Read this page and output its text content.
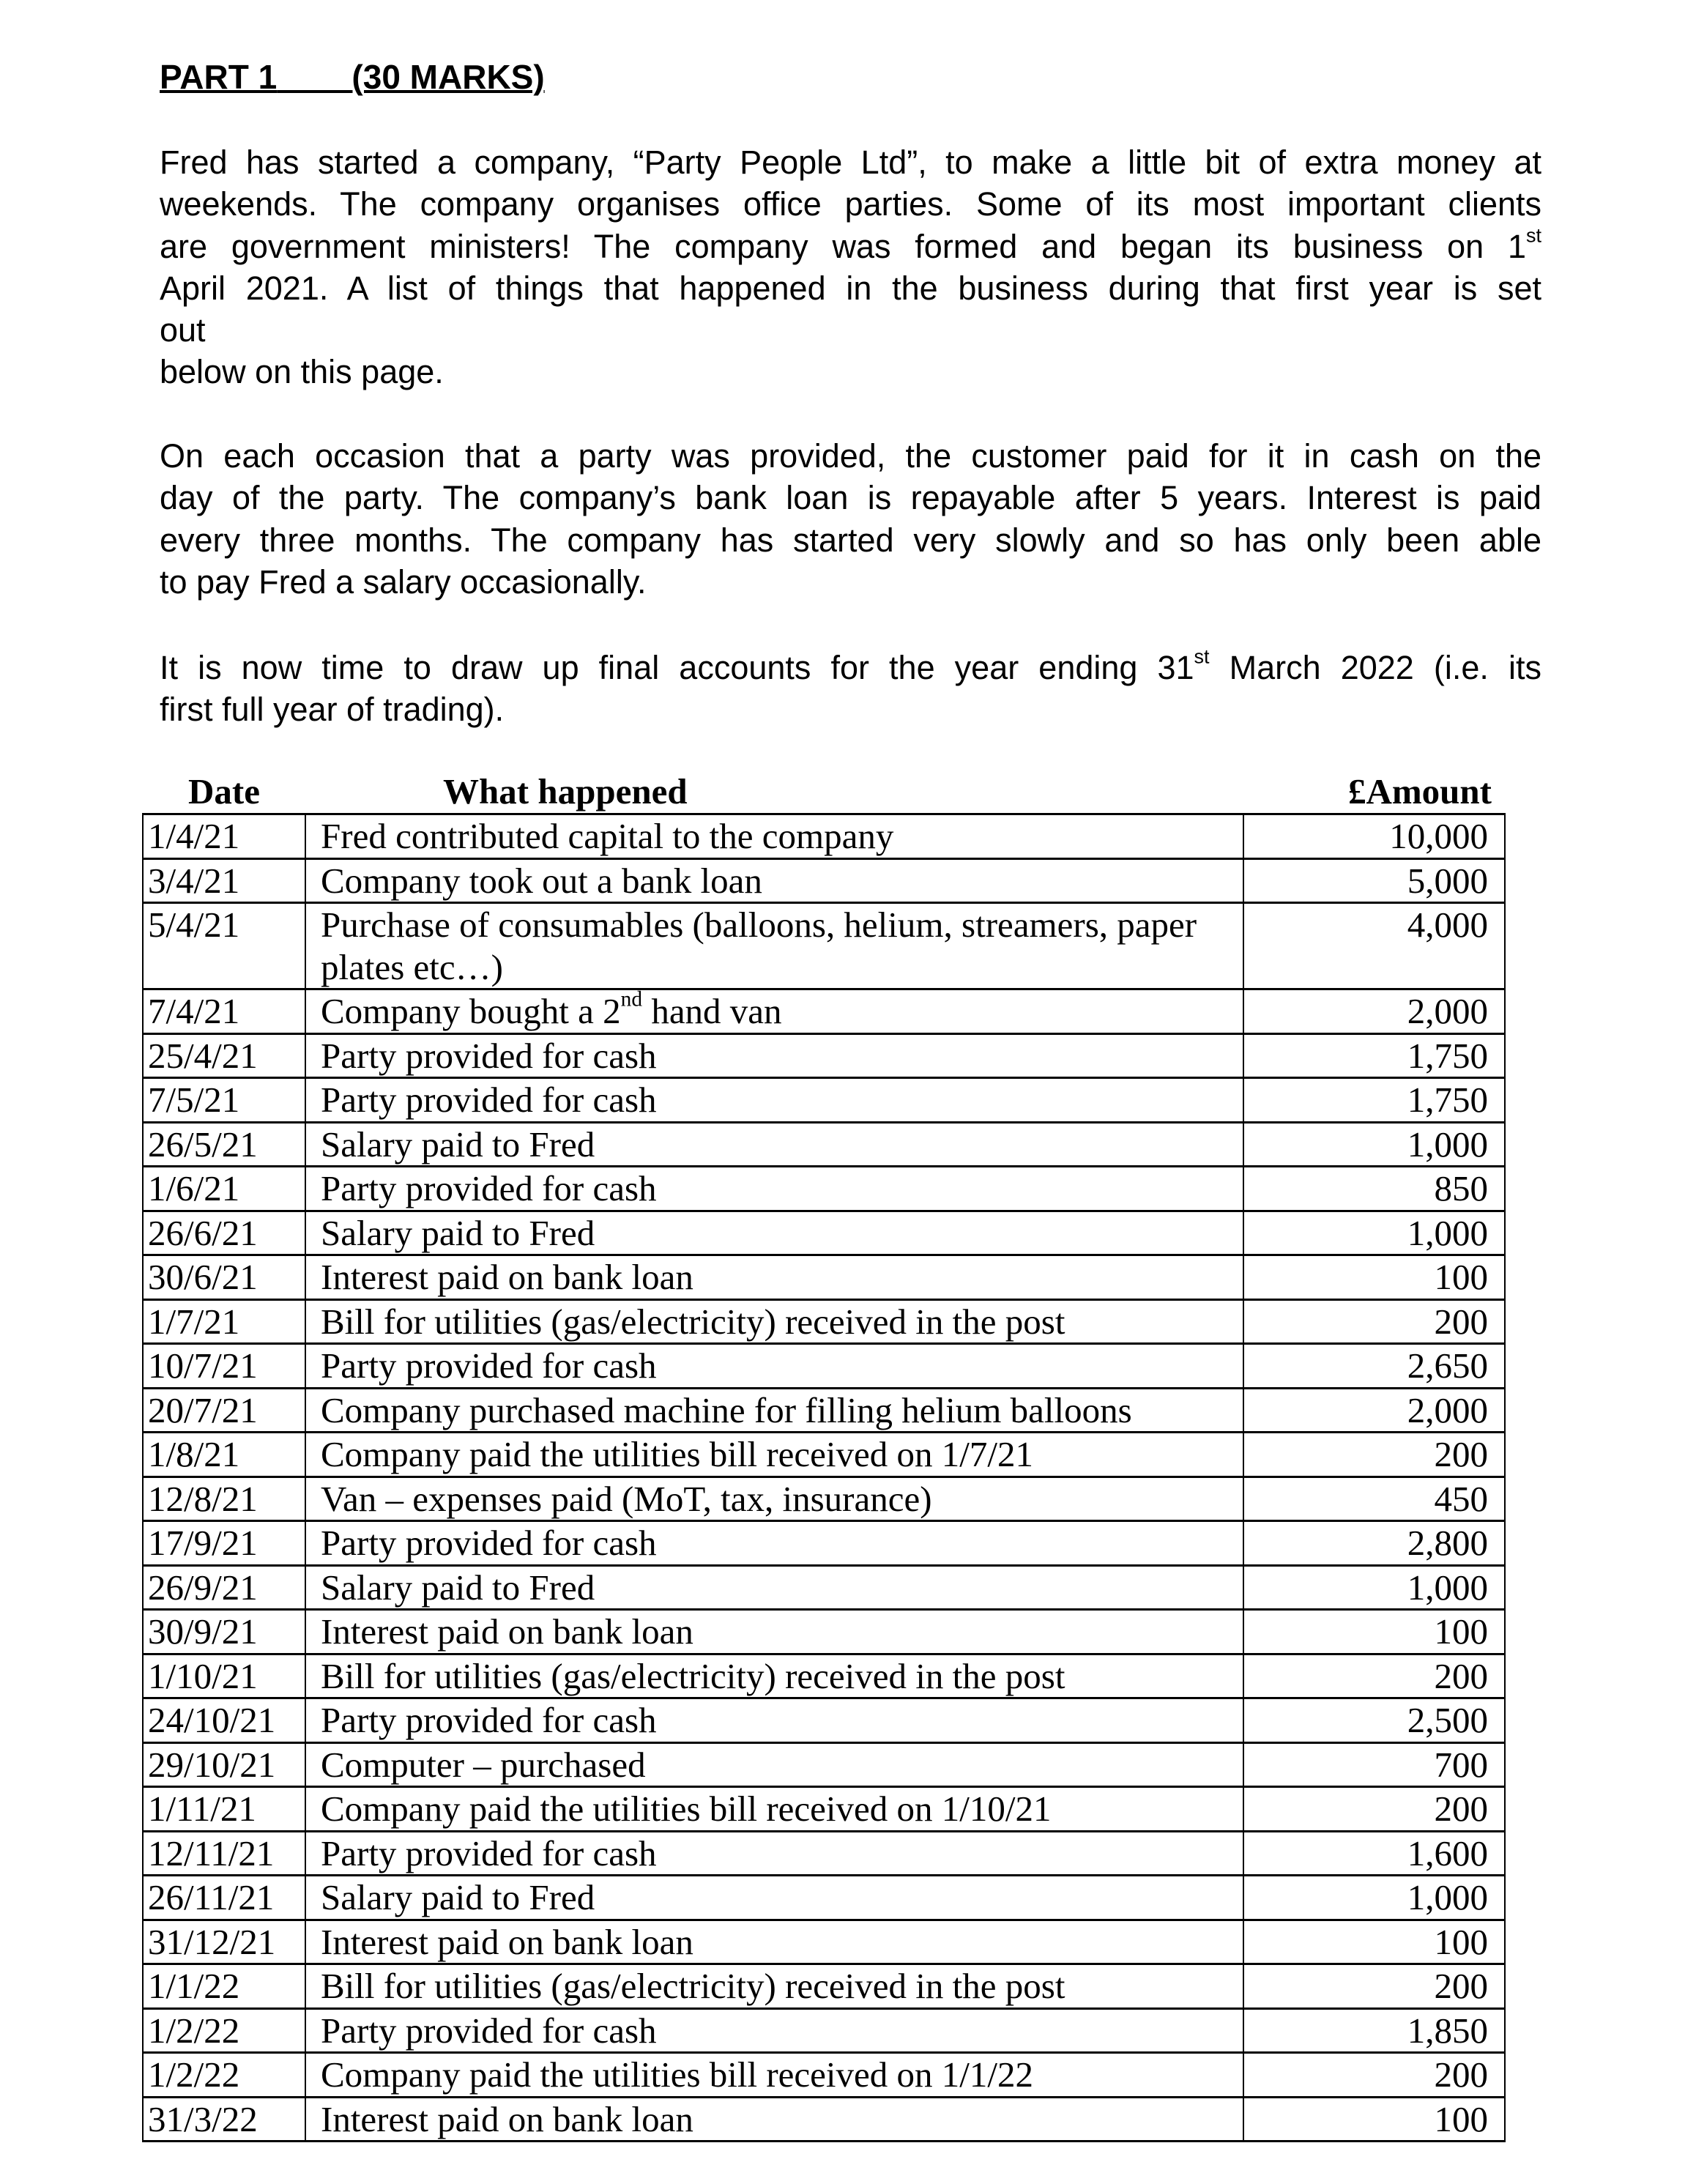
PART 1 (30 MARKS)
Fred has started a company, “Party People Ltd”, to make a little bit of extra money at
weekends. The company organises office parties. Some of its most important clients
are government ministers! The company was formed and began its business on 1st
April 2021. A list of things that happened in the business during that first year is set
out
below on this page.
On each occasion that a party was provided, the customer paid for it in cash on the
day of the party. The company’s bank loan is repayable after 5 years. Interest is paid
every three months. The company has started very slowly and so has only been able
to pay Fred a salary occasionally.
It is now time to draw up final accounts for the year ending 31st March 2022 (i.e. its
first full year of trading).
Date	What happened	£Amount
1/4/21	Fred contributed capital to the company	10,000
3/4/21	Company took out a bank loan	5,000
5/4/21	Purchase of consumables (balloons, helium, streamers, paper plates etc…)	4,000
7/4/21	Company bought a 2nd hand van	2,000
25/4/21	Party provided for cash	1,750
7/5/21	Party provided for cash	1,750
26/5/21	Salary paid to Fred	1,000
1/6/21	Party provided for cash	850
26/6/21	Salary paid to Fred	1,000
30/6/21	Interest paid on bank loan	100
1/7/21	Bill for utilities (gas/electricity) received in the post	200
10/7/21	Party provided for cash	2,650
20/7/21	Company purchased machine for filling helium balloons	2,000
1/8/21	Company paid the utilities bill received on 1/7/21	200
12/8/21	Van – expenses paid (MoT, tax, insurance)	450
17/9/21	Party provided for cash	2,800
26/9/21	Salary paid to Fred	1,000
30/9/21	Interest paid on bank loan	100
1/10/21	Bill for utilities (gas/electricity) received in the post	200
24/10/21	Party provided for cash	2,500
29/10/21	Computer – purchased	700
1/11/21	Company paid the utilities bill received on 1/10/21	200
12/11/21	Party provided for cash	1,600
26/11/21	Salary paid to Fred	1,000
31/12/21	Interest paid on bank loan	100
1/1/22	Bill for utilities (gas/electricity) received in the post	200
1/2/22	Party provided for cash	1,850
1/2/22	Company paid the utilities bill received on 1/1/22	200
31/3/22	Interest paid on bank loan	100
